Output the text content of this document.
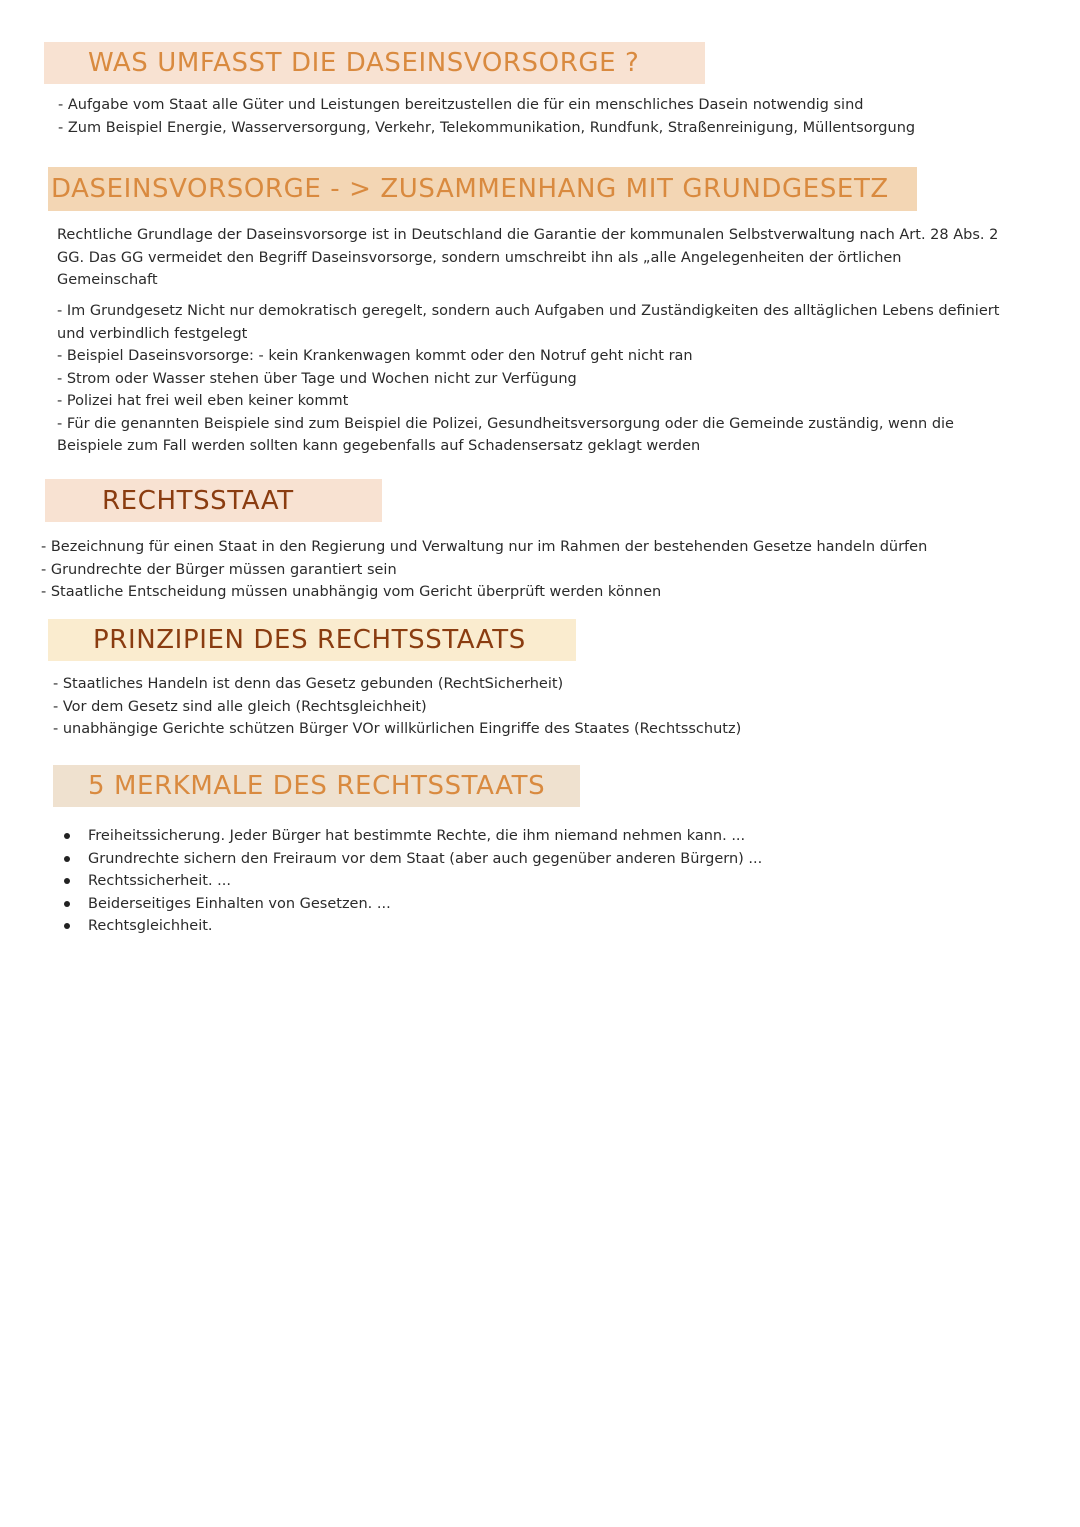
WAS UMFASST DIE DASEINSVORSORGE ?
- Aufgabe vom Staat alle Güter und Leistungen bereitzustellen die für ein menschliches Dasein notwendig sind
- Zum Beispiel Energie, Wasserversorgung, Verkehr, Telekommunikation, Rundfunk, Straßenreinigung, Müllentsorgung
DASEINSVORSORGE - > ZUSAMMENHANG MIT GRUNDGESETZ
Rechtliche Grundlage der Daseinsvorsorge ist in Deutschland die Garantie der kommunalen Selbstverwaltung nach Art. 28 Abs. 2
GG. Das GG vermeidet den Begriff Daseinsvorsorge, sondern umschreibt ihn als „alle Angelegenheiten der örtlichen
Gemeinschaft
- Im Grundgesetz Nicht nur demokratisch geregelt, sondern auch Aufgaben und Zuständigkeiten des alltäglichen Lebens definiert
und verbindlich festgelegt
- Beispiel Daseinsvorsorge: - kein Krankenwagen kommt oder den Notruf geht nicht ran
- Strom oder Wasser stehen über Tage und Wochen nicht zur Verfügung
- Polizei hat frei weil eben keiner kommt
- Für die genannten Beispiele sind zum Beispiel die Polizei, Gesundheitsversorgung oder die Gemeinde zuständig, wenn die
Beispiele zum Fall werden sollten kann gegebenfalls auf Schadensersatz geklagt werden
RECHTSSTAAT
- Bezeichnung für einen Staat in den Regierung und Verwaltung nur im Rahmen der bestehenden Gesetze handeln dürfen
- Grundrechte der Bürger müssen garantiert sein
- Staatliche Entscheidung müssen unabhängig vom Gericht überprüft werden können
PRINZIPIEN DES RECHTSSTAATS
- Staatliches Handeln ist denn das Gesetz gebunden (RechtSicherheit)
- Vor dem Gesetz sind alle gleich (Rechtsgleichheit)
- unabhängige Gerichte schützen Bürger VOr willkürlichen Eingriffe des Staates (Rechtsschutz)
5 MERKMALE DES RECHTSSTAATS
Freiheitssicherung. Jeder Bürger hat bestimmte Rechte, die ihm niemand nehmen kann. ...
Grundrechte sichern den Freiraum vor dem Staat (aber auch gegenüber anderen Bürgern) ...
Rechtssicherheit. ...
Beiderseitiges Einhalten von Gesetzen. ...
Rechtsgleichheit.
